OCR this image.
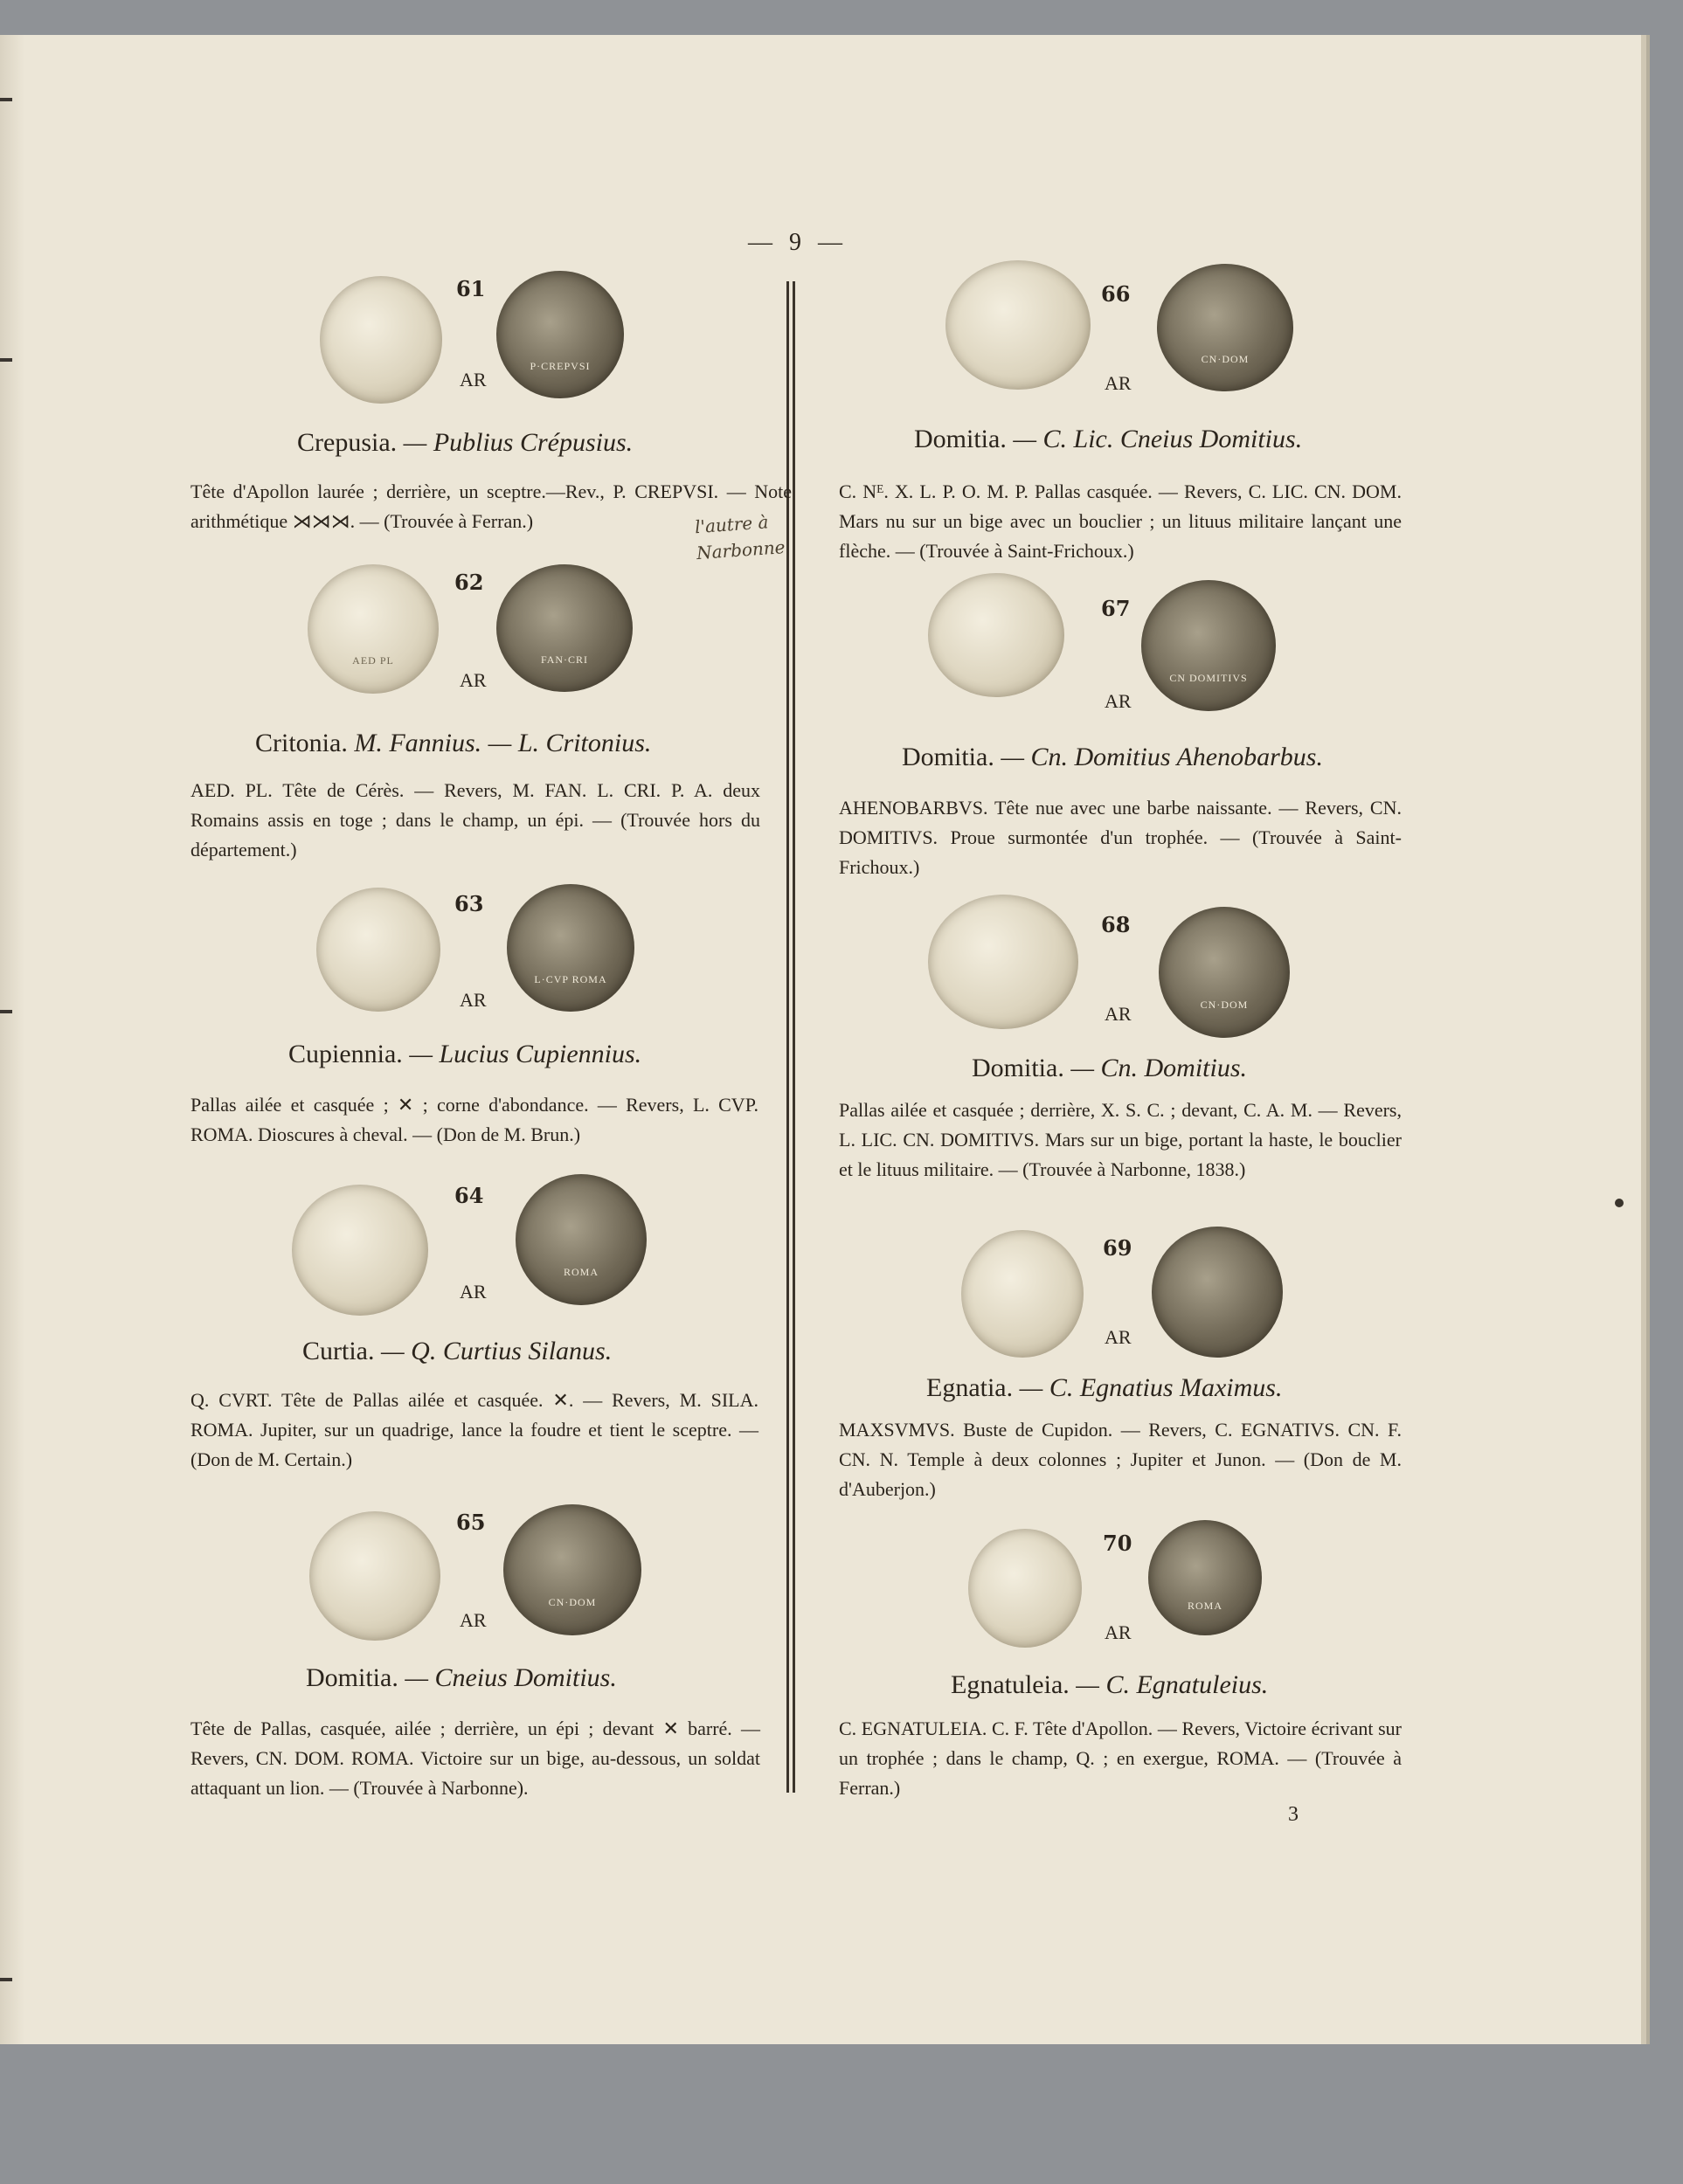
— 9 —
P·CREPVSI
61
AR
Crepusia. — Publius Crépusius.
Tête d'Apollon laurée ; derrière, un sceptre.—Rev., P. CREPVSI. — Note arithmétique ⋊⋊⋊. — (Trouvée à Ferran.)	l'autre à Narbonne
AED PL	FAN·CRI
62
AR
Critonia. M. Fannius. — L. Critonius.
AED. PL. Tête de Cérès. — Revers, M. FAN. L. CRI. P. A. deux Romains assis en toge ; dans le champ, un épi. — (Trouvée hors du département.)
L·CVP ROMA
63
AR
Cupiennia. — Lucius Cupiennius.
Pallas ailée et casquée ; ✕ ; corne d'abondance. — Revers, L. CVP. ROMA. Dioscures à cheval. — (Don de M. Brun.)
ROMA
64
AR
Curtia. — Q. Curtius Silanus.
Q. CVRT. Tête de Pallas ailée et casquée. ✕. — Revers, M. SILA. ROMA. Jupiter, sur un quadrige, lance la foudre et tient le sceptre. — (Don de M. Certain.)
CN·DOM
65
AR
Domitia. — Cneius Domitius.
Tête de Pallas, casquée, ailée ; derrière, un épi ; devant ✕ barré. — Revers, CN. DOM. ROMA. Victoire sur un bige, au-dessous, un soldat attaquant un lion. — (Trouvée à Narbonne).
CN·DOM
66
AR
Domitia. — C. Lic. Cneius Domitius.
C. Nᴱ. X. L. P. O. M. P. Pallas casquée. — Revers, C. LIC. CN. DOM. Mars nu sur un bige avec un bouclier ; un lituus militaire lançant une flèche. — (Trouvée à Saint-Frichoux.)
CN DOMITIVS
67
AR
Domitia. — Cn. Domitius Ahenobarbus.
AHENOBARBVS. Tête nue avec une barbe naissante. — Revers, CN. DOMITIVS. Proue surmontée d'un trophée. — (Trouvée à Saint-Frichoux.)
CN·DOM
68
AR
Domitia. — Cn. Domitius.
Pallas ailée et casquée ; derrière, X. S. C. ; devant, C. A. M. — Revers, L. LIC. CN. DOMITIVS. Mars sur un bige, portant la haste, le bouclier et le lituus militaire. — (Trouvée à Narbonne, 1838.)
69
AR
Egnatia. — C. Egnatius Maximus.
MAXSVMVS. Buste de Cupidon. — Revers, C. EGNATIVS. CN. F. CN. N. Temple à deux colonnes ; Jupiter et Junon. — (Don de M. d'Auberjon.)
ROMA
70
AR
Egnatuleia. — C. Egnatuleius.
C. EGNATULEIA. C. F. Tête d'Apollon. — Revers, Victoire écrivant sur un trophée ; dans le champ, Q. ; en exergue, ROMA. — (Trouvée à Ferran.)
3
